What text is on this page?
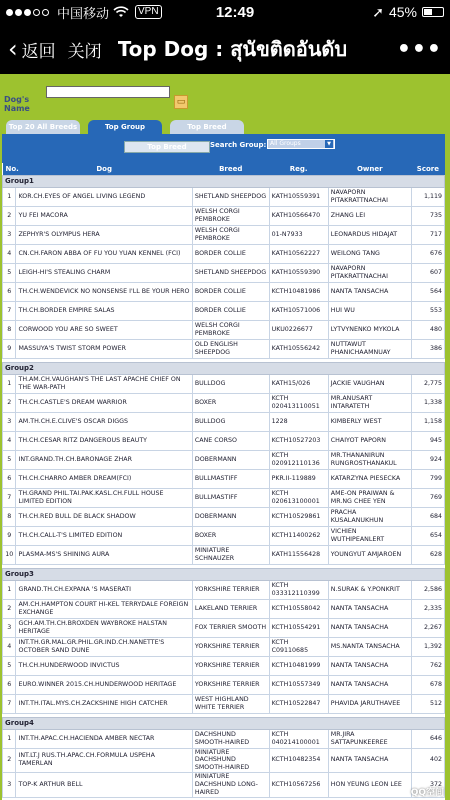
中国移动	VPN	12:49	➚ 45%
‹ 返回 关闭 Top Dog : สุนัขติดอันดับ	•••
Dog's Name
▭
Top 20 All Breeds	Top Group	Top Breed
Top Breed	Search Group: All Groups	▼
No.	Dog	Breed	Reg.	Owner	Score
Group1					
1	KOR.CH.EYES OF ANGEL LIVING LEGEND	SHETLAND SHEEPDOG	KATH10559391	NAVAPORN PITAKRATTNACHAI	1,119
2	YU FEI MACORA	WELSH CORGI PEMBROKE	KATH10566470	ZHANG LEI	735
3	ZEPHYR'S OLYMPUS HERA	WELSH CORGI PEMBROKE	01-N7933	LEONARDUS HIDAJAT	717
4	CN.CH.FARON ABBA OF FU YOU YUAN KENNEL (FCI)	BORDER COLLIE	KATH10562227	WEILONG TANG	676
5	LEIGH-HI'S STEALING CHARM	SHETLAND SHEEPDOG	KATH10559390	NAVAPORN PITAKRATTNACHAI	607
6	TH.CH.WENDEVICK NO NONSENSE I'LL BE YOUR HERO	BORDER COLLIE	KCTH10481986	NANTA TANSACHA	564
7	TH.CH.BORDER EMPIRE SALAS	BORDER COLLIE	KATH10571006	HUI WU	553
8	CORWOOD YOU ARE SO SWEET	WELSH CORGI PEMBROKE	UKU0226677	LYTVYNENKO MYKOLA	480
9	MASSUYA'S TWIST STORM POWER	OLD ENGLISH SHEEPDOG	KATH10556242	NUTTAWUT PHANICHAAMNUAY	386

Group2					
1	TH.AM.CH.VAUGHAN'S THE LAST APACHE CHIEF ON THE WAR-PATH	BULLDOG	KATH15/026	JACKIE VAUGHAN	2,775
2	TH.CH.CASTLE'S DREAM WARRIOR	BOXER	KCTH 020413110051	MR.ANUSART INTARATETH	1,338
3	AM.TH.CH.E.CLIVE'S OSCAR DIGGS	BULLDOG	1228	KIMBERLY WEST	1,158
4	TH.CH.CESAR RITZ DANGEROUS BEAUTY	CANE CORSO	KCTH10527203	CHAIYOT PAPORN	945
5	INT.GRAND.TH.CH.BARONAGE ZHAR	DOBERMANN	KCTH 020912110136	MR.THANANIRUN RUNGROSTHANAKUL	924
6	TH.CH.CHARRO AMBER DREAM(FCI)	BULLMASTIFF	PKR.II-119889	KATARZYNA PIESECKA	799
7	TH.GRAND PHIL.TAI.PAK.KASL.CH.FULL HOUSE LIMITED EDITION	BULLMASTIFF	KCTH 020613100001	AME-ON PRAIWAN & MR.NG CHEE YEN	769
8	TH.CH.RED BULL DE BLACK SHADOW	DOBERMANN	KCTH10529861	PRACHA KUSALANUKHUN	684
9	TH.CH.CALL-T'S LIMITED EDITION	BOXER	KCTH11400262	VICHIEN WUTHIPEANLERT	654
10	PLASMA-MS'S SHINING AURA	MINIATURE SCHNAUZER	KATH11556428	YOUNGYUT AMJAROEN	628

Group3					
1	GRAND.TH.CH.EXPANA 'S MASERATI	YORKSHIRE TERRIER	KCTH 033312110399	N.SURAK & Y.PONKRIT	2,586
2	AM.CH.HAMPTON COURT HI-KEL TERRYDALE FOREIGN EXCHANGE	LAKELAND TERRIER	KCTH10558042	NANTA TANSACHA	2,335
3	GCH.AM.TH.CH.BROXDEN WAYBROKE HALSTAN HERITAGE	FOX TERRIER SMOOTH	KCTH10554291	NANTA TANSACHA	2,267
4	INT.TH.GR.MAL.GR.PHIL.GR.IND.CH.NANETTE'S OCTOBER SAND DUNE	YORKSHIRE TERRIER	KCTH C09110685	MS.NANTA TANSACHA	1,392
5	TH.CH.HUNDERWOOD INVICTUS	YORKSHIRE TERRIER	KCTH10481999	NANTA TANSACHA	762
6	EURO.WINNER 2015.CH.HUNDERWOOD HERITAGE	YORKSHIRE TERRIER	KCTH10557349	NANTA TANSACHA	678
7	INT.TH.ITAL.MYS.CH.ZACKSHINE HIGH CATCHER	WEST HIGHLAND WHITE TERRIER	KCTH10522847	PHAVIDA JARUTHAVEE	512

Group4					
1	INT.TH.APAC.CH.HACIENDA AMBER NECTAR	DACHSHUND SMOOTH-HAIRED	KCTH 040214100001	MR.JIRA SATTAPUNKEEREE	646
2	INT.LT.J RUS.TH.APAC.CH.FORMULA USPEHA TAMERLAN	MINIATURE DACHSHUND SMOOTH-HAIRED	KCTH10482354	NANTA TANSACHA	402
3	TOP-K ARTHUR BELL	MINIATURE DACHSHUND LONG-HAIRED	KCTH10567256	HON YEUNG LEON LEE	372

QQ空间
